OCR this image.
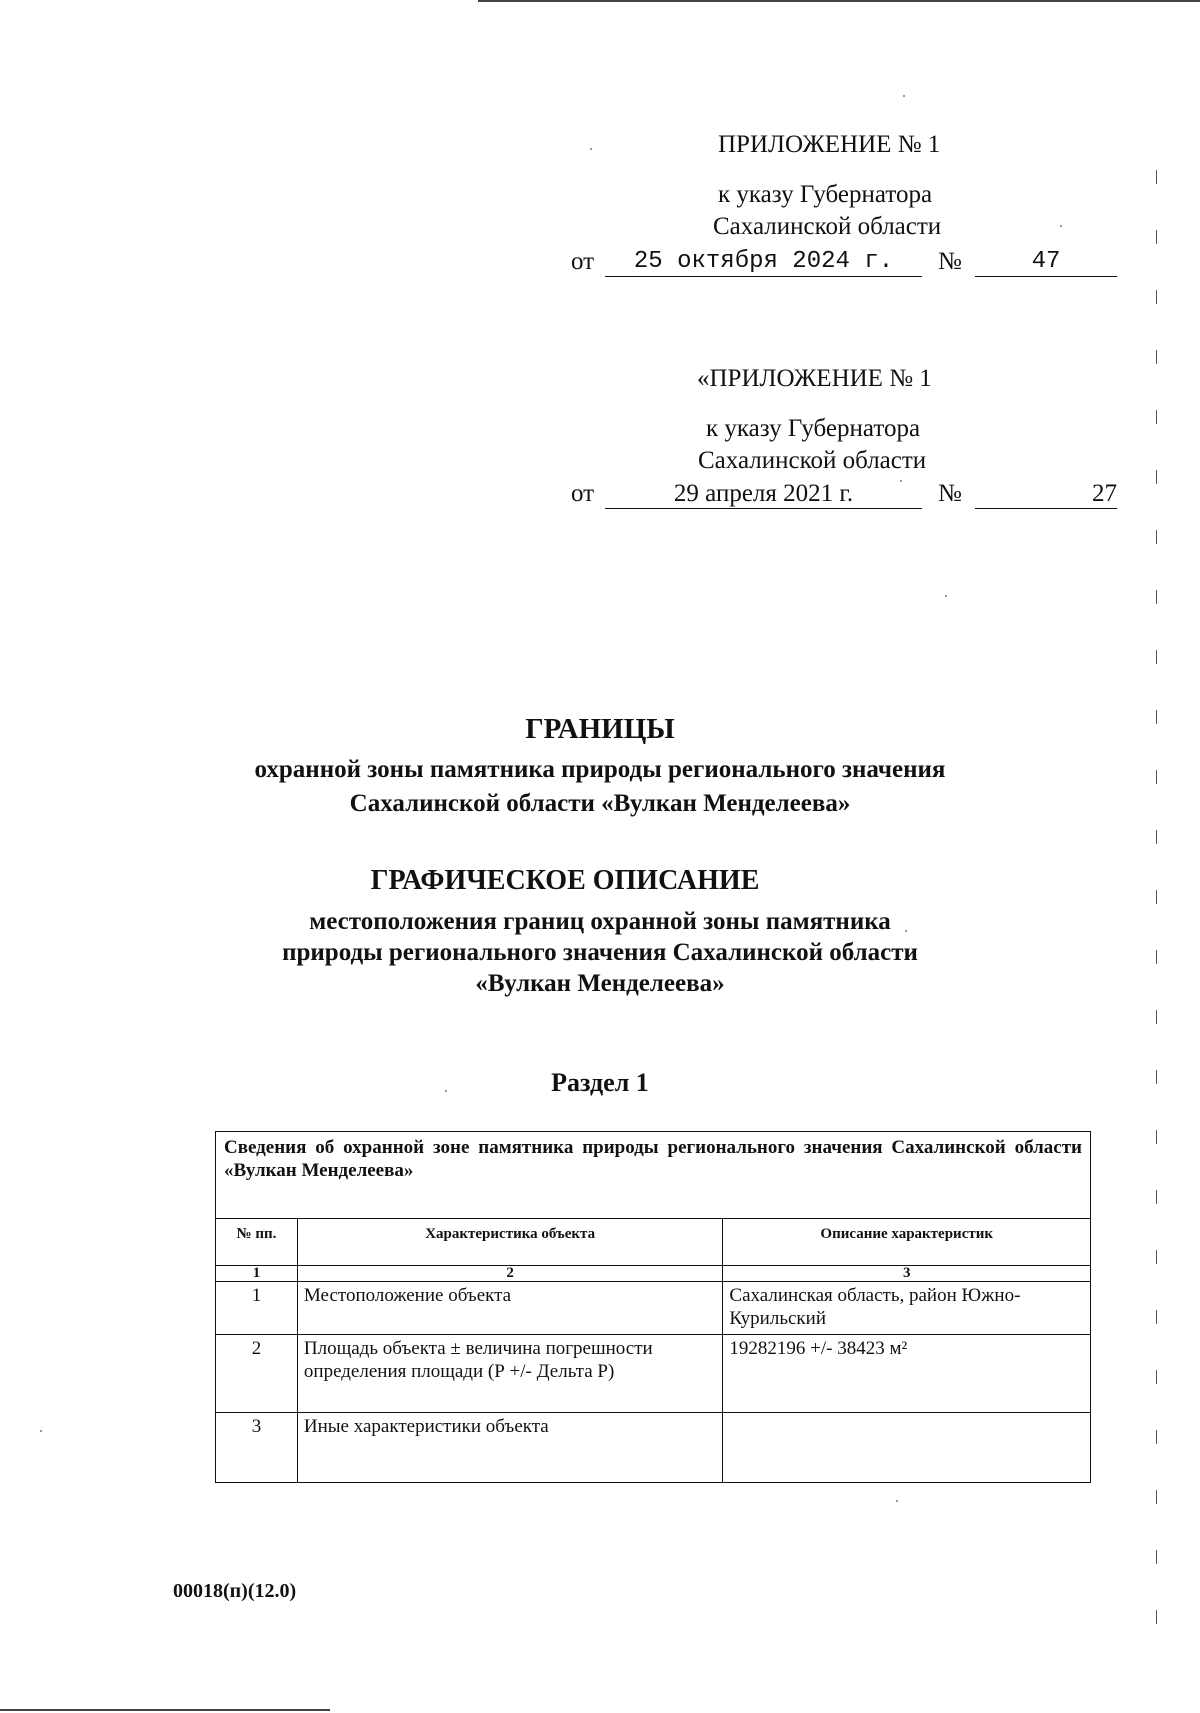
ПРИЛОЖЕНИЕ № 1
к указу Губернатора
Сахалинской области
от	25 октября 2024 г.	№	47
«ПРИЛОЖЕНИЕ № 1
к указу Губернатора
Сахалинской области
от	29 апреля 2021 г.	№	27
ГРАНИЦЫ
охранной зоны памятника природы регионального значения
Сахалинской области «Вулкан Менделеева»
ГРАФИЧЕСКОЕ ОПИСАНИЕ
местоположения границ охранной зоны памятника
природы регионального значения Сахалинской области
«Вулкан Менделеева»
Раздел 1
Сведения об охранной зоне памятника природы регионального значения Сахалинской области «Вулкан Менделеева»		
№ пп.	Характеристика объекта	Описание характеристик
1	2	3
1	Местоположение объекта	Сахалинская область, район Южно-Курильский
2	Площадь объекта ± величина погрешности определения площади (Р +/- Дельта Р)	19282196 +/- 38423 м²
3	Иные характеристики объекта	
00018(п)(12.0)
